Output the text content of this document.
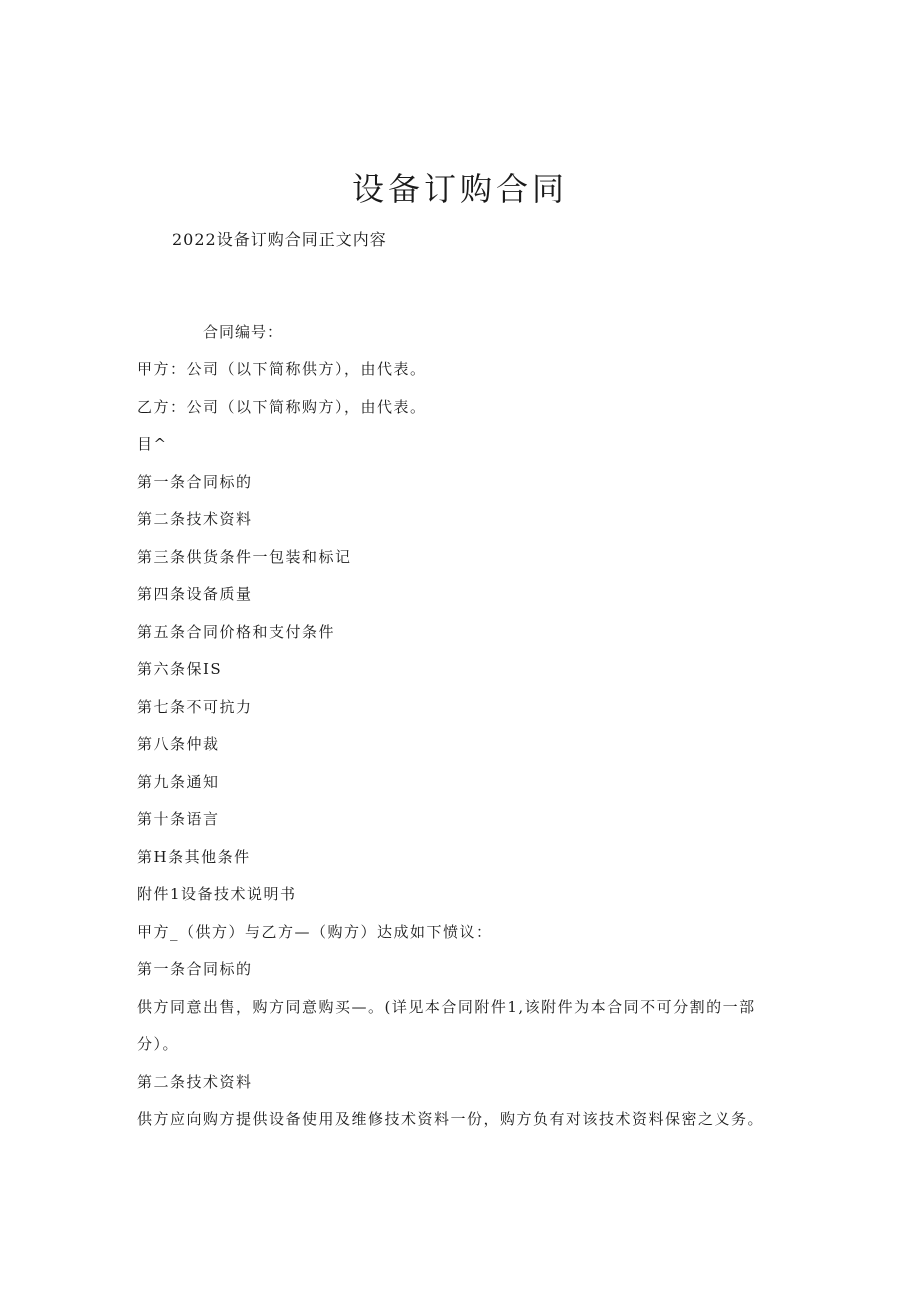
设备订购合同
2022设备订购合同正文内容
合同编号：
甲方：公司（以下简称供方），由代表。
乙方：公司（以下简称购方），由代表。
目^
第一条合同标的
第二条技术资料
第三条供货条件一包装和标记
第四条设备质量
第五条合同价格和支付条件
第六条保IS
第七条不可抗力
第八条仲裁
第九条通知
第十条语言
第H条其他条件
附件1设备技术说明书
甲方_（供方）与乙方—（购方）达成如下愤议：
第一条合同标的
供方同意出售，购方同意购买—。(详见本合同附件1,该附件为本合同不可分割的一部
分）。
第二条技术资料
供方应向购方提供设备使用及维修技术资料一份，购方负有对该技术资料保密之义务。
